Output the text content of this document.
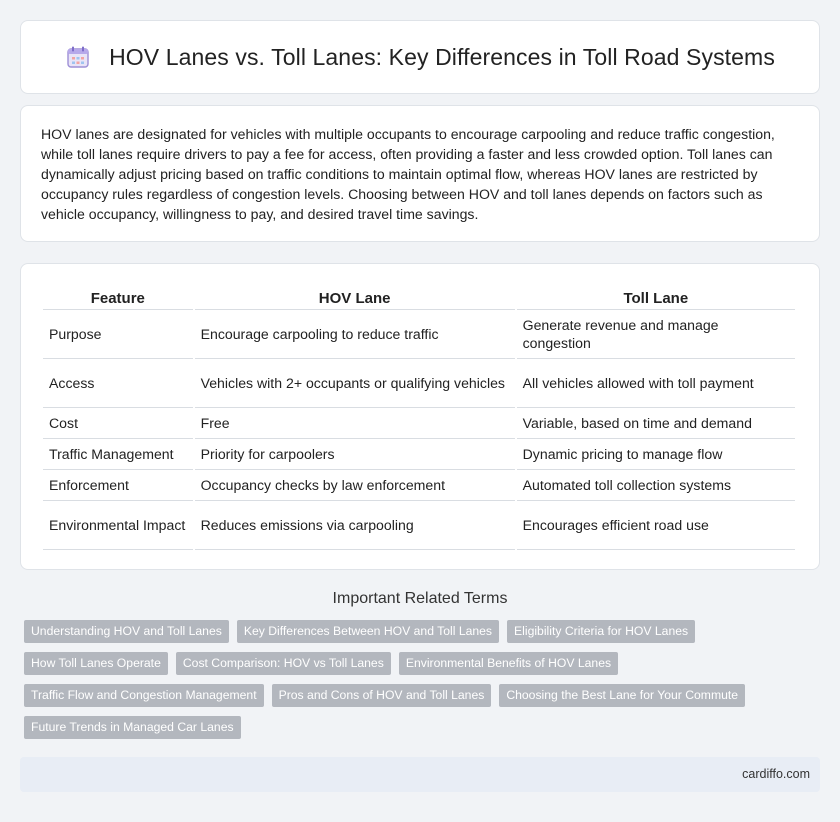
HOV Lanes vs. Toll Lanes: Key Differences in Toll Road Systems

HOV lanes are designated for vehicles with multiple occupants to encourage carpooling and reduce traffic congestion, while toll lanes require drivers to pay a fee for access, often providing a faster and less crowded option. Toll lanes can dynamically adjust pricing based on traffic conditions to maintain optimal flow, whereas HOV lanes are restricted by occupancy rules regardless of congestion levels. Choosing between HOV and toll lanes depends on factors such as vehicle occupancy, willingness to pay, and desired travel time savings.

Feature	HOV Lane	Toll Lane
Purpose	Encourage carpooling to reduce traffic	Generate revenue and manage congestion
Access	Vehicles with 2+ occupants or qualifying vehicles	All vehicles allowed with toll payment
Cost	Free	Variable, based on time and demand
Traffic Management	Priority for carpoolers	Dynamic pricing to manage flow
Enforcement	Occupancy checks by law enforcement	Automated toll collection systems
Environmental Impact	Reduces emissions via carpooling	Encourages efficient road use
Important Related Terms
Understanding HOV and Toll Lanes	Key Differences Between HOV and Toll Lanes	Eligibility Criteria for HOV Lanes
How Toll Lanes Operate	Cost Comparison: HOV vs Toll Lanes	Environmental Benefits of HOV Lanes
Traffic Flow and Congestion Management	Pros and Cons of HOV and Toll Lanes	Choosing the Best Lane for Your Commute
Future Trends in Managed Car Lanes
cardiffo.com
